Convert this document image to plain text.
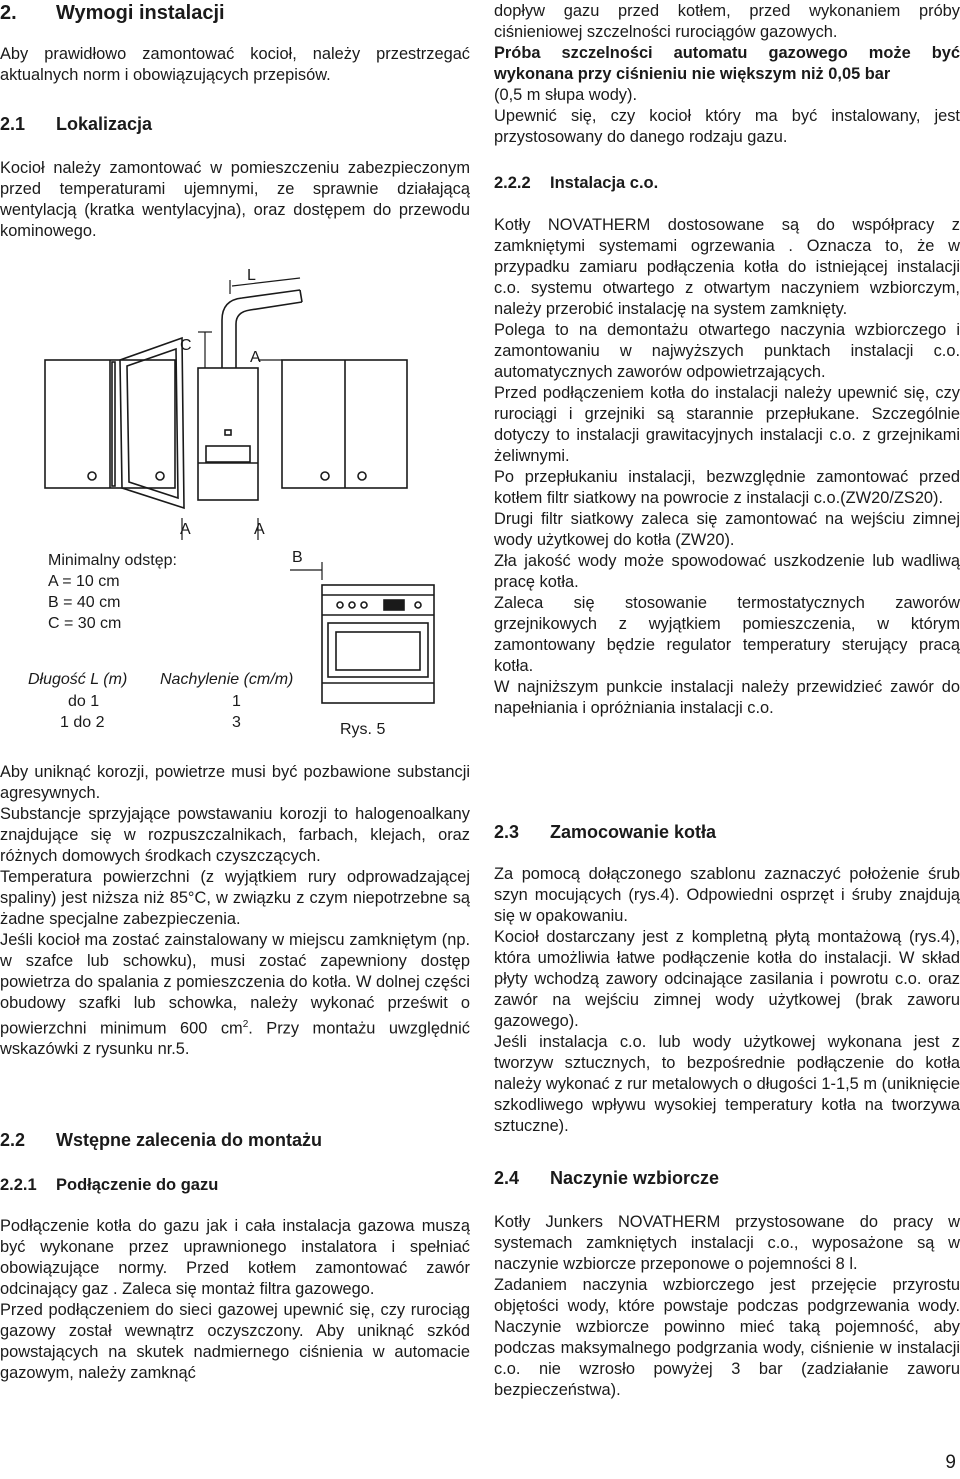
2. Wymogi instalacji

Aby prawidłowo zamontować kocioł, należy przestrzegać aktualnych norm i obowiązujących przepisów.

2.1 Lokalizacja

Kocioł należy zamontować w pomieszczeniu zabezpieczonym przed temperaturami ujemnymi, ze sprawnie działającą wentylacją (kratka wentylacyjna), oraz dostępem do przewodu kominowego.

L
C
A
A	A
B
Minimalny odstęp:
A = 10 cm
B = 40 cm
C = 30 cm
Długość L (m) Nachylenie (cm/m)
do 1	1
1 do 2	3	Rys. 5

Aby uniknąć korozji, powietrze musi być pozbawione substancji agresywnych.

Substancje sprzyjające powstawaniu korozji to halogenoalkany znajdujące się w rozpuszczalnikach, farbach, klejach, oraz różnych domowych środkach czyszczących.

Temperatura powierzchni (z wyjątkiem rury odprowadzającej spaliny) jest niższa niż 85°C, w związku z czym niepotrzebne są żadne specjalne zabezpieczenia.

Jeśli kocioł ma zostać zainstalowany w miejscu zamkniętym (np. w szafce lub schowku), musi zostać zapewniony dostęp powietrza do spalania z pomieszczenia do kotła. W dolnej części obudowy szafki lub schowka, należy wykonać prześwit o powierzchni minimum 600 $cm^2$. Przy montażu uwzględnić wskazówki z rysunku nr.5.

2.2 Wstępne zalecenia do montażu
2.2.1 Podłączenie do gazu

Podłączenie kotła do gazu jak i cała instalacja gazowa muszą być wykonane przez uprawnionego instalatora i spełniać obowiązujące normy. Przed kotłem zamontować zawór odcinający gaz . Zaleca się montaż filtra gazowego.

Przed podłączeniem do sieci gazowej upewnić się, czy rurociąg gazowy został wewnątrz oczyszczony. Aby uniknąć szkód powstających na skutek nadmiernego ciśnienia w automacie gazowym, należy zamknąć

dopływ gazu przed kotłem, przed wykonaniem próby ciśnieniowej szczelności rurociągów gazowych.

Próba szczelności automatu gazowego może być wykonana przy ciśnieniu nie większym niż 0,05 bar

(0,5 m słupa wody).

Upewnić się, czy kocioł który ma być instalowany, jest przystosowany do danego rodzaju gazu.

2.2.2 Instalacja c.o.

Kotły NOVATHERM dostosowane są do współpracy z zamkniętymi systemami ogrzewania . Oznacza to, że w przypadku zamiaru podłączenia kotła do istniejącej instalacji c.o. systemu otwartego z otwartym naczyniem wzbiorczym, należy przerobić instalację na system zamknięty.

Polega to na demontażu otwartego naczynia wzbiorczego i zamontowaniu w najwyższych punktach instalacji c.o. automatycznych zaworów odpowietrzających.

Przed podłączeniem kotła do instalacji należy upewnić się, czy rurociągi i grzejniki są starannie przepłukane. Szczególnie dotyczy to instalacji grawitacyjnych instalacji c.o. z grzejnikami żeliwnymi.

Po przepłukaniu instalacji, bezwzględnie zamontować przed kotłem filtr siatkowy na powrocie z instalacji c.o.(ZW20/ZS20).

Drugi filtr siatkowy zaleca się zamontować na wejściu zimnej wody użytkowej do kotła (ZW20).

Zła jakość wody może spowodować uszkodzenie lub wadliwą pracę kotła.

Zaleca się stosowanie termostatycznych zaworów grzejnikowych z wyjątkiem pomieszczenia, w którym zamontowany będzie regulator temperatury sterujący pracą kotła.

W najniższym punkcie instalacji należy przewidzieć zawór do napełniania i opróżniania instalacji c.o.

2.3 Zamocowanie kotła

Za pomocą dołączonego szablonu zaznaczyć położenie śrub szyn mocujących (rys.4). Odpowiedni osprzęt i śruby znajdują się w opakowaniu.

Kocioł dostarczany jest z kompletną płytą montażową (rys.4), która umożliwia łatwe podłączenie kotła do instalacji. W skład płyty wchodzą zawory odcinające zasilania i powrotu c.o. oraz zawór na wejściu zimnej wody użytkowej (brak zaworu gazowego).

Jeśli instalacja c.o. lub wody użytkowej wykonana jest z tworzyw sztucznych, to bezpośrednie podłączenie do kotła należy wykonać z rur metalowych o długości 1-1,5 m (uniknięcie szkodliwego wpływu wysokiej temperatury kotła na tworzywa sztuczne).

2.4 Naczynie wzbiorcze

Kotły Junkers NOVATHERM przystosowane do pracy w systemach zamkniętych instalacji c.o., wyposażone są w naczynie wzbiorcze przeponowe o pojemności 8 l.

Zadaniem naczynia wzbiorczego jest przejęcie przyrostu objętości wody, które powstaje podczas podgrzewania wody. Naczynie wzbiorcze powinno mieć taką pojemność, aby podczas maksymalnego podgrzania wody, ciśnienie w instalacji c.o. nie wzrosło powyżej 3 bar (zadziałanie zaworu bezpieczeństwa).

9
